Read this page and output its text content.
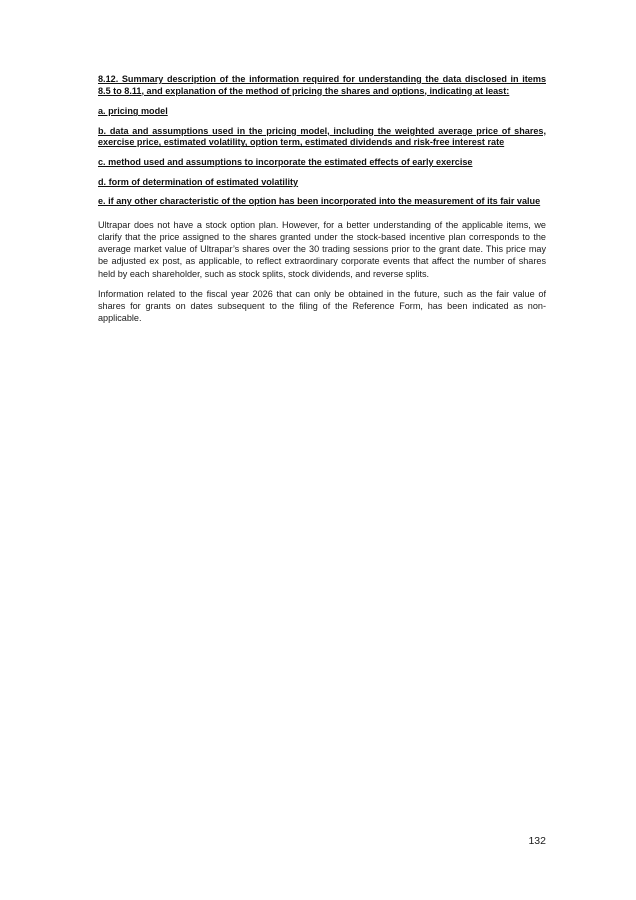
8.12. Summary description of the information required for understanding the data disclosed in items 8.5 to 8.11, and explanation of the method of pricing the shares and options, indicating at least:

a. pricing model

b. data and assumptions used in the pricing model, including the weighted average price of shares, exercise price, estimated volatility, option term, estimated dividends and risk-free interest rate

c. method used and assumptions to incorporate the estimated effects of early exercise

d. form of determination of estimated volatility

e. if any other characteristic of the option has been incorporated into the measurement of its fair value

Ultrapar does not have a stock option plan. However, for a better understanding of the applicable items, we clarify that the price assigned to the shares granted under the stock-based incentive plan corresponds to the average market value of Ultrapar’s shares over the 30 trading sessions prior to the grant date. This price may be adjusted ex post, as applicable, to reflect extraordinary corporate events that affect the number of shares held by each shareholder, such as stock splits, stock dividends, and reverse splits.

Information related to the fiscal year 2026 that can only be obtained in the future, such as the fair value of shares for grants on dates subsequent to the filing of the Reference Form, has been indicated as non-applicable.

132
